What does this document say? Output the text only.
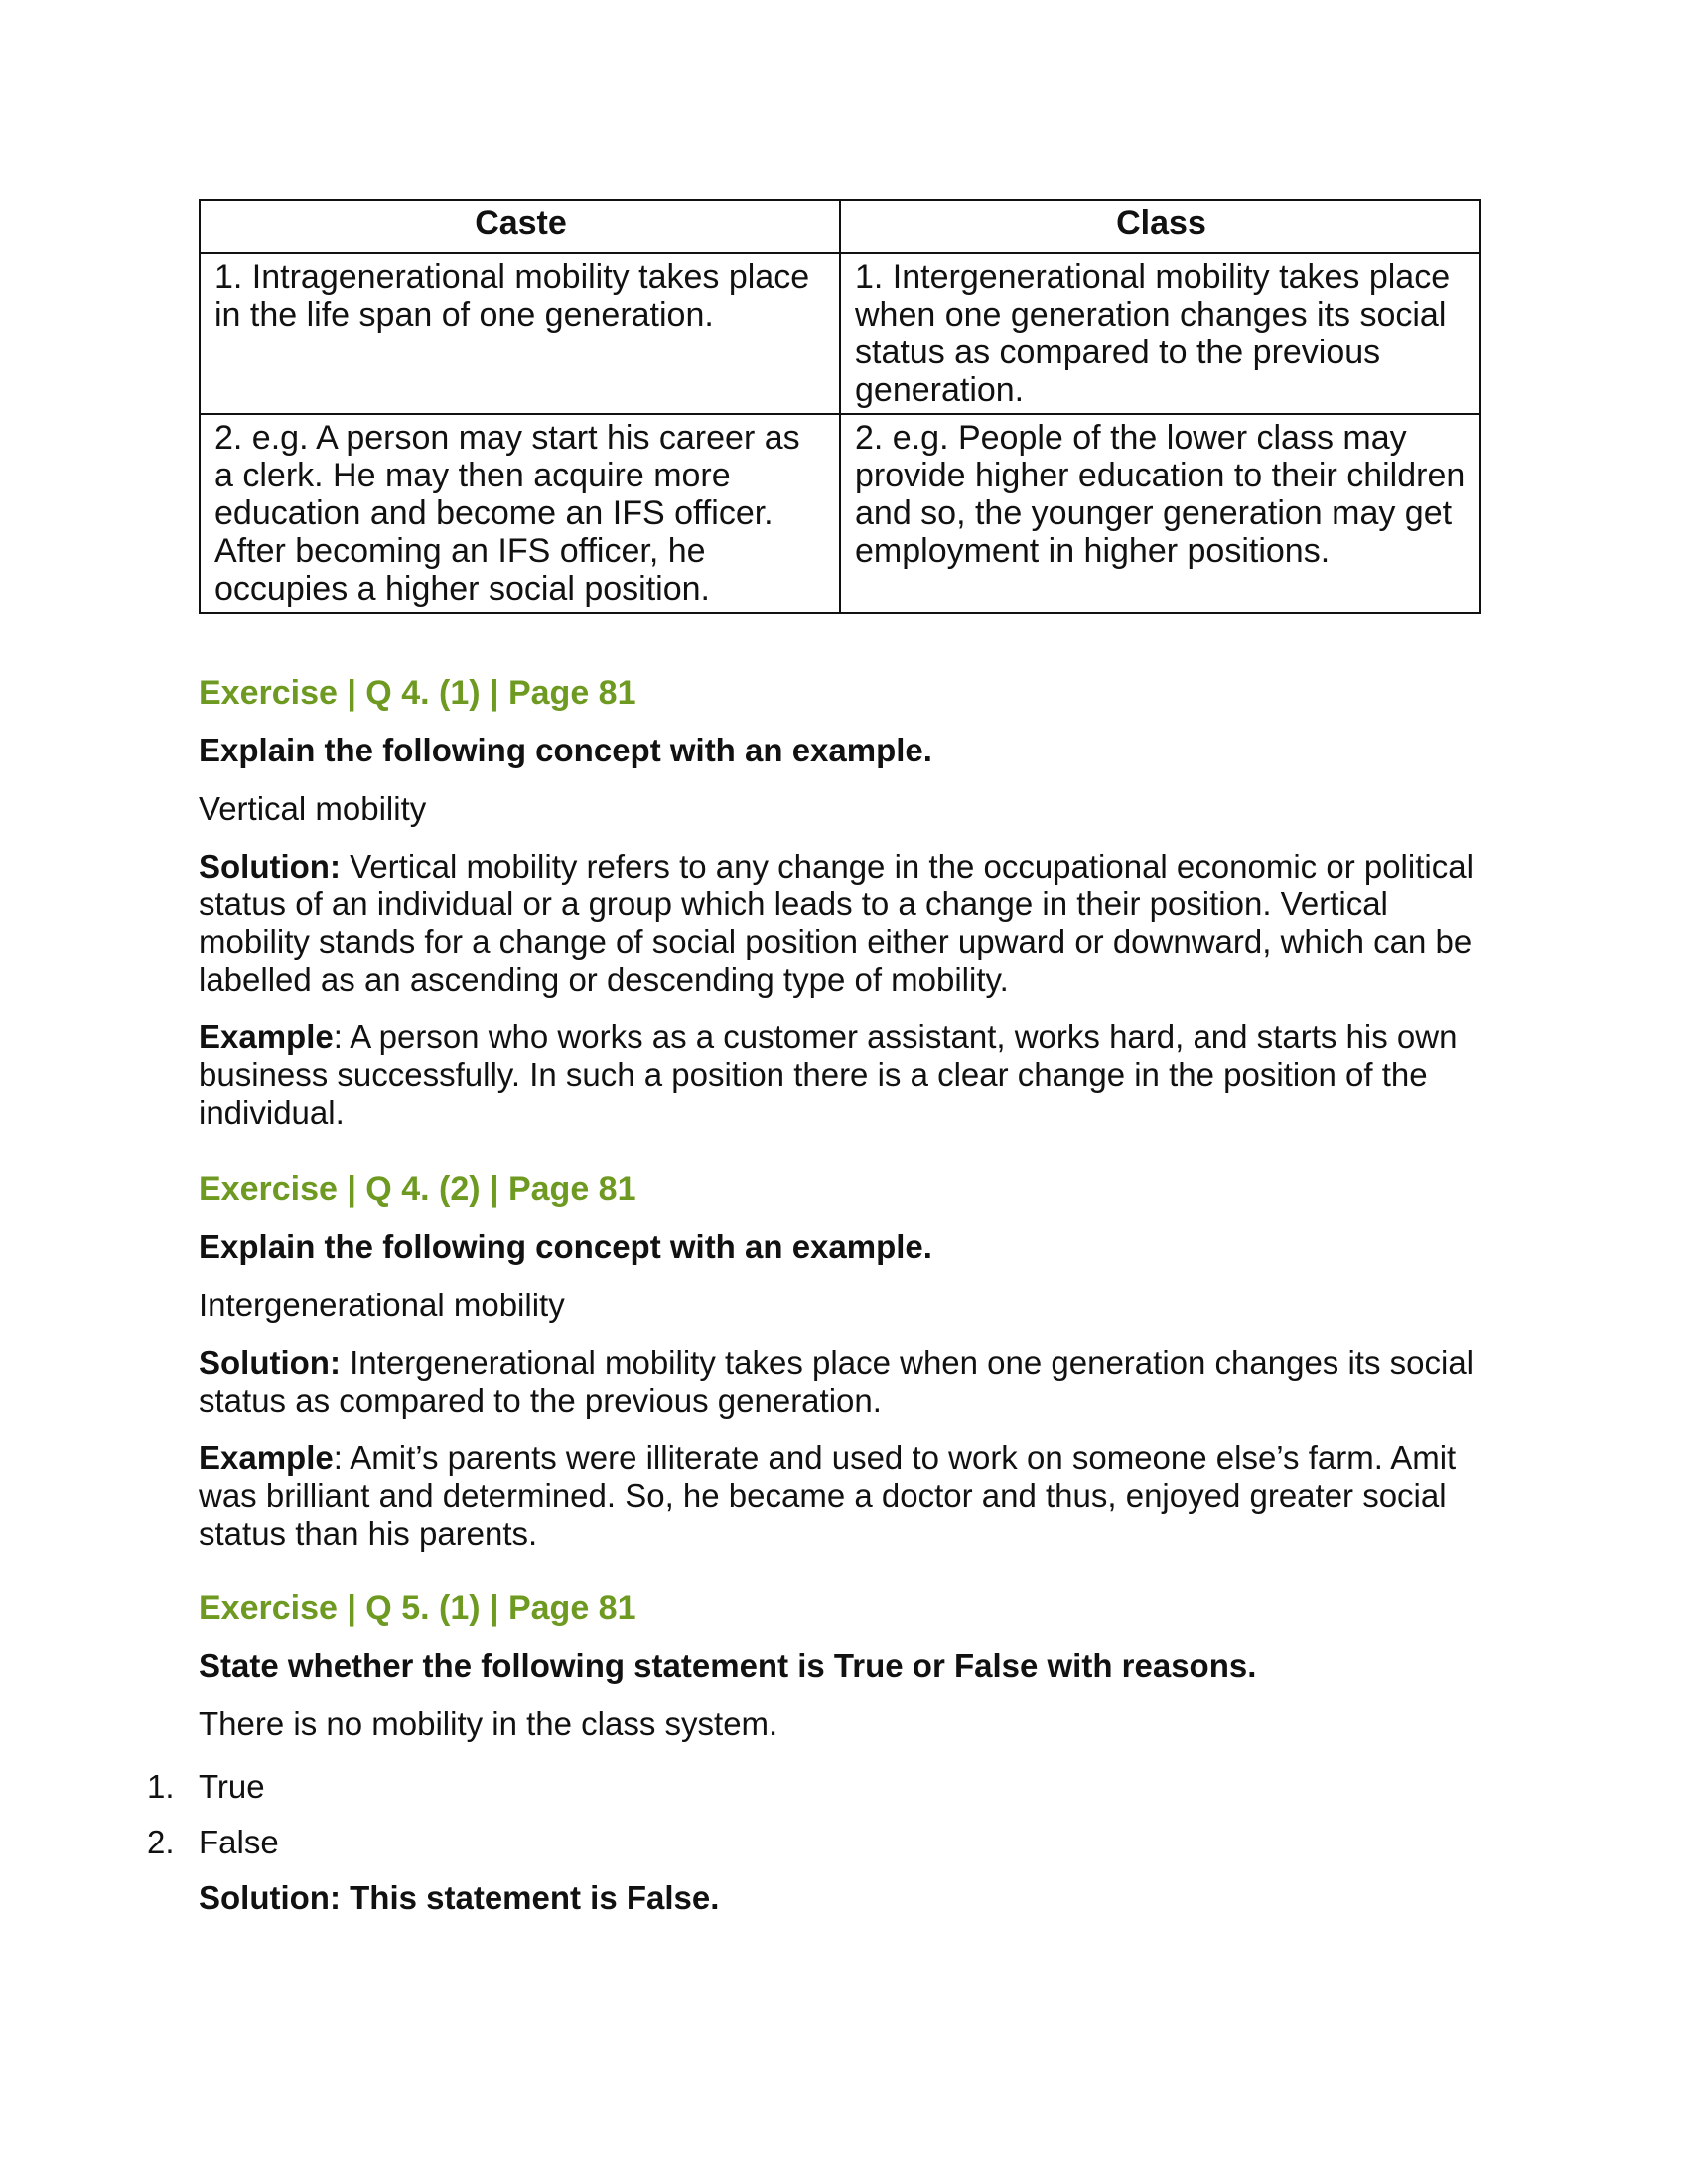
Caste	Class
1. Intragenerational mobility takes place in the life span of one generation.	1. Intergenerational mobility takes place when one generation changes its social status as compared to the previous generation.
2. e.g. A person may start his career as a clerk. He may then acquire more education and become an IFS officer. After becoming an IFS officer, he occupies a higher social position.	2. e.g. People of the lower class may provide higher education to their children and so, the younger generation may get employment in higher positions.

Exercise | Q 4. (1) | Page 81

Explain the following concept with an example.

Vertical mobility

Solution: Vertical mobility refers to any change in the occupational economic or political status of an individual or a group which leads to a change in their position. Vertical mobility stands for a change of social position either upward or downward, which can be labelled as an ascending or descending type of mobility.

Example: A person who works as a customer assistant, works hard, and starts his own business successfully. In such a position there is a clear change in the position of the individual.

Exercise | Q 4. (2) | Page 81

Explain the following concept with an example.

Intergenerational mobility

Solution: Intergenerational mobility takes place when one generation changes its social status as compared to the previous generation.

Example: Amit’s parents were illiterate and used to work on someone else’s farm. Amit was brilliant and determined. So, he became a doctor and thus, enjoyed greater social status than his parents.

Exercise | Q 5. (1) | Page 81

State whether the following statement is True or False with reasons.

There is no mobility in the class system.

1. True
2. False

Solution: This statement is False.
